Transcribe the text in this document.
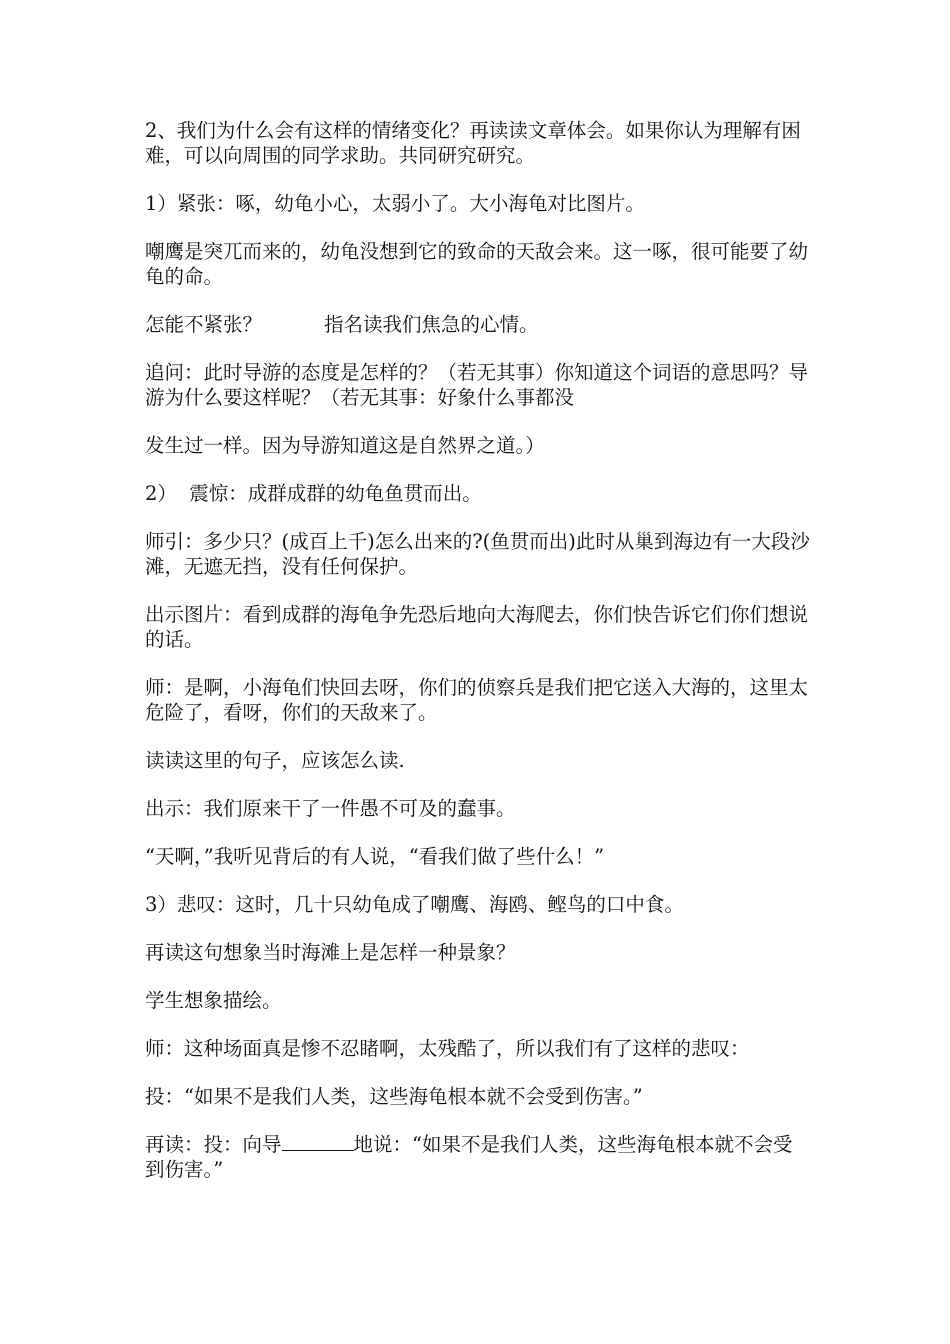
2、我们为什么会有这样的情绪变化？再读读文章体会。如果你认为理解有困难，可以向周围的同学求助。共同研究研究。

1）紧张：啄，幼龟小心，太弱小了。大小海龟对比图片。

嘲鹰是突兀而来的，幼龟没想到它的致命的天敌会来。这一啄，很可能要了幼龟的命。

怎能不紧张？          指名读我们焦急的心情。

追问：此时导游的态度是怎样的？（若无其事）你知道这个词语的意思吗？导游为什么要这样呢？（若无其事：好象什么事都没

发生过一样。因为导游知道这是自然界之道。）

2）  震惊：成群成群的幼龟鱼贯而出。

师引：多少只？(成百上千)怎么出来的?(鱼贯而出)此时从巢到海边有一大段沙滩，无遮无挡，没有任何保护。

出示图片：看到成群的海龟争先恐后地向大海爬去，你们快告诉它们你们想说的话。

师：是啊，小海龟们快回去呀，你们的侦察兵是我们把它送入大海的，这里太危险了，看呀，你们的天敌来了。

读读这里的句子，应该怎么读.

出示：我们原来干了一件愚不可及的蠢事。

“天啊，”我听见背后的有人说，“看我们做了些什么！”

3）悲叹：这时，几十只幼龟成了嘲鹰、海鸥、鲣鸟的口中食。

再读这句想象当时海滩上是怎样一种景象？

学生想象描绘。

师：这种场面真是惨不忍睹啊，太残酷了，所以我们有了这样的悲叹：

投：“如果不是我们人类，这些海龟根本就不会受到伤害。”

再读：投：向导	地说：“如果不是我们人类，这些海龟根本就不会受到伤害。”
